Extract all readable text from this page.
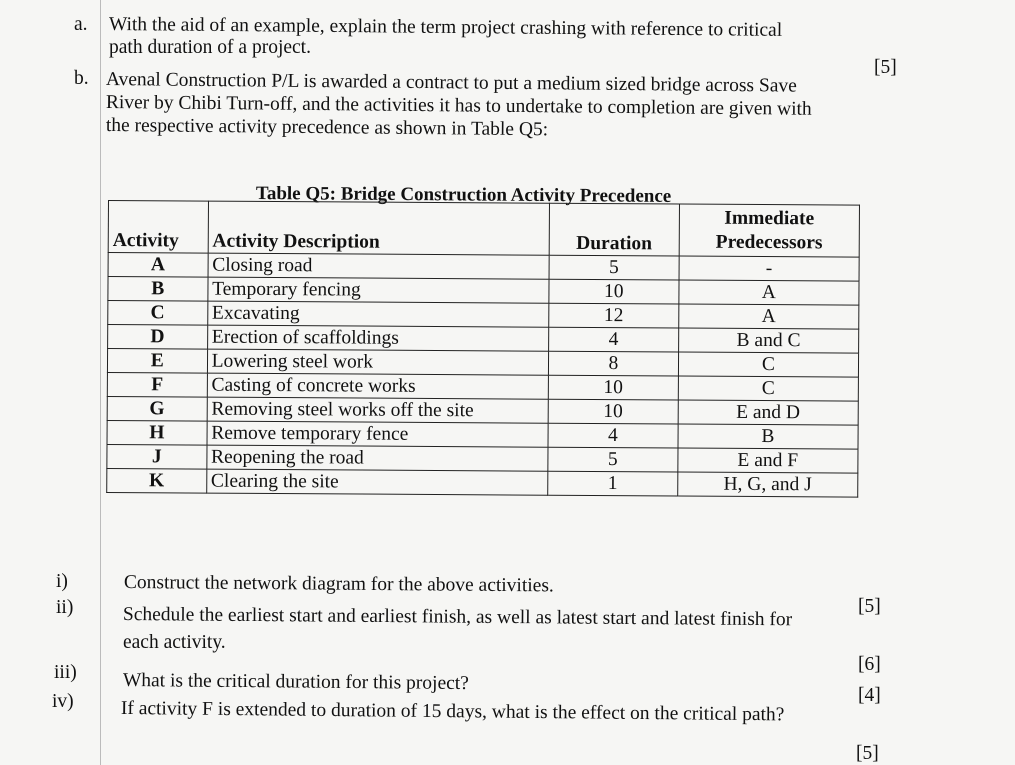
a. With the aid of an example, explain the term project crashing with reference to critical
path duration of a project.
[5]
b. Avenal Construction P/L is awarded a contract to put a medium sized bridge across Save
River by Chibi Turn-off, and the activities it has to undertake to completion are given with
the respective activity precedence as shown in Table Q5:
Table Q5: Bridge Construction Activity Precedence
Activity	Activity Description	Duration	Immediate
Predecessors
A	Closing road	5	-
B	Temporary fencing	10	A
C	Excavating	12	A
D	Erection of scaffoldings	4	B and C
E	Lowering steel work	8	C
F	Casting of concrete works	10	C
G	Removing steel works off the site	10	E and D
H	Remove temporary fence	4	B
J	Reopening the road	5	E and F
K	Clearing the site	1	H, G, and J
i)	Construct the network diagram for the above activities.
[5]
ii)	Schedule the earliest start and earliest finish, as well as latest start and latest finish for
each activity.
[6]
iii) What is the critical duration for this project?
[4]
iv) If activity F is extended to duration of 15 days, what is the effect on the critical path?
[5]
